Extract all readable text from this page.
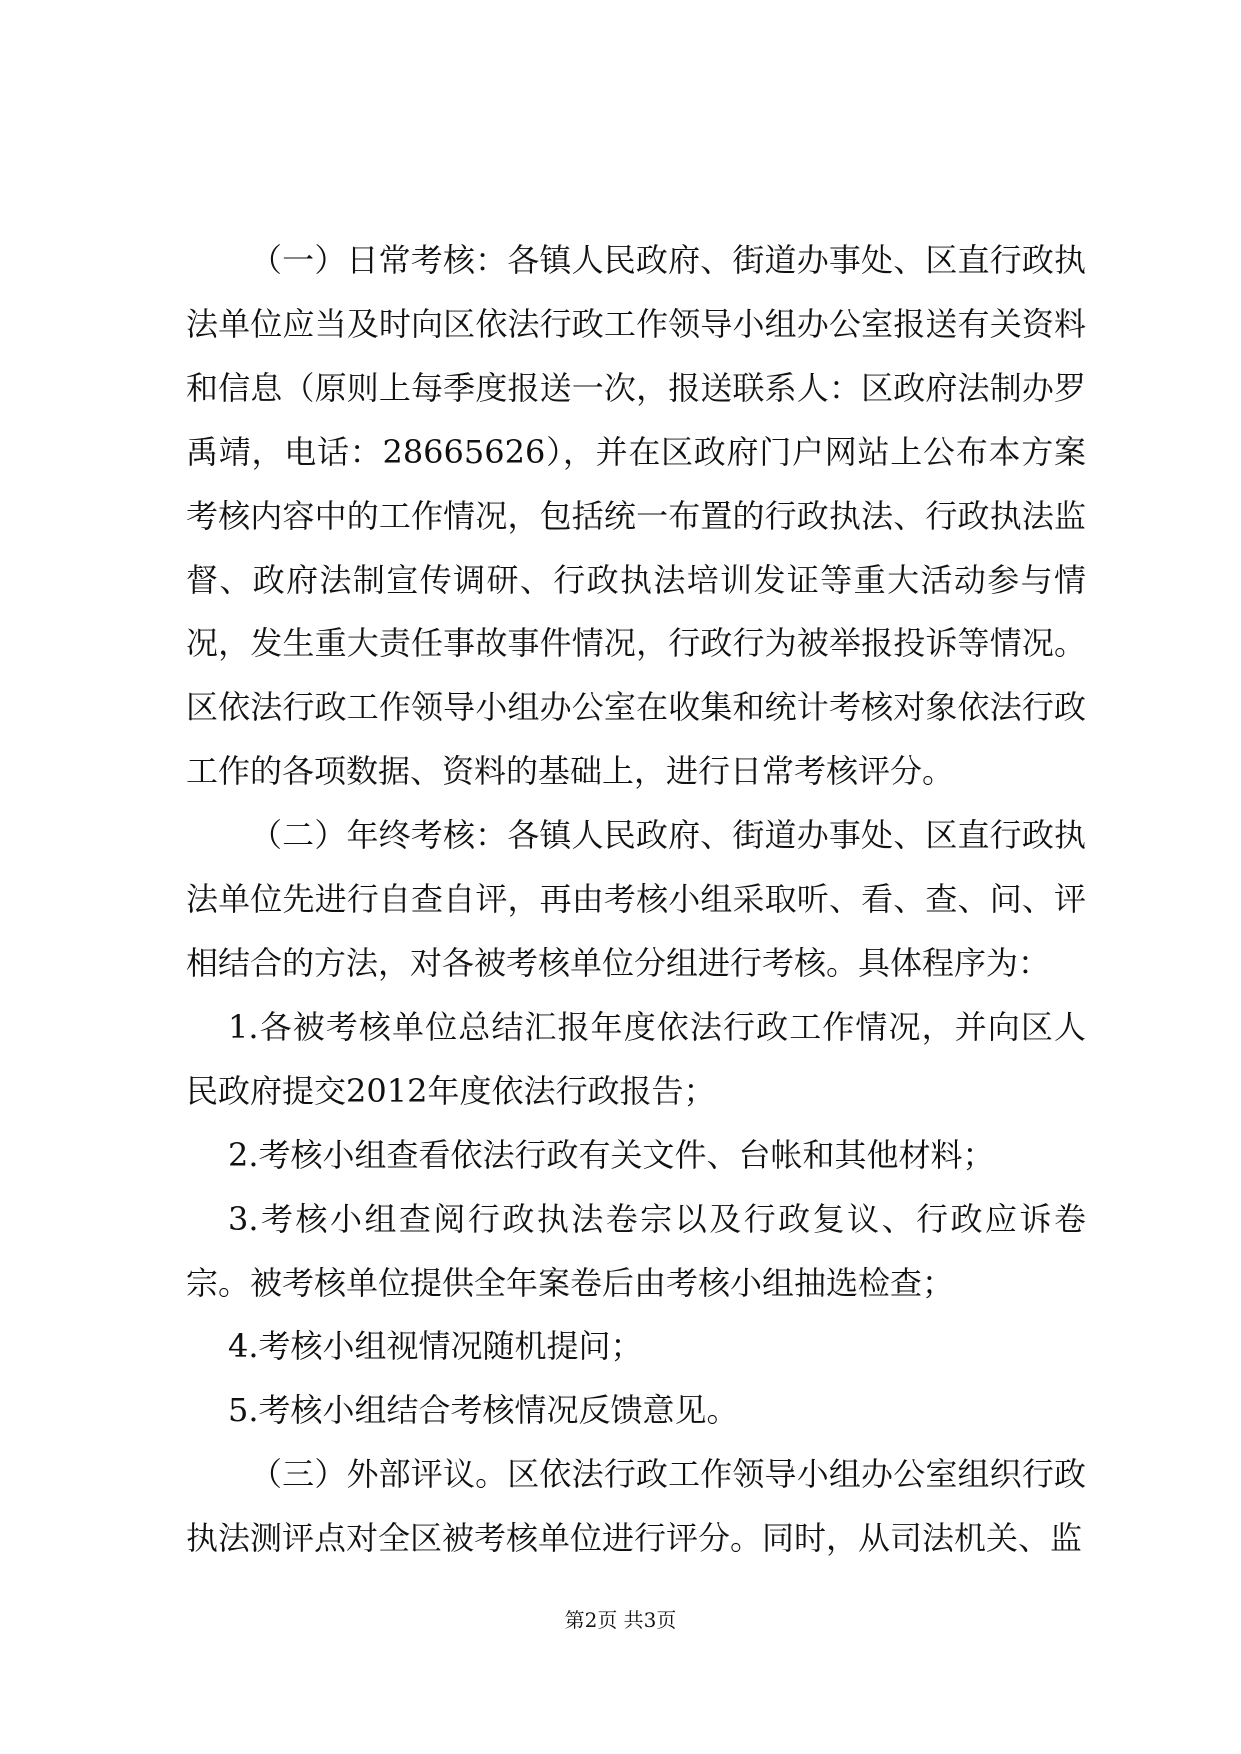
（一）日常考核：各镇人民政府、街道办事处、区直行政执法单位应当及时向区依法行政工作领导小组办公室报送有关资料和信息（原则上每季度报送一次，报送联系人：区政府法制办罗禹靖，电话：28665626），并在区政府门户网站上公布本方案考核内容中的工作情况，包括统一布置的行政执法、行政执法监督、政府法制宣传调研、行政执法培训发证等重大活动参与情况，发生重大责任事故事件情况，行政行为被举报投诉等情况。区依法行政工作领导小组办公室在收集和统计考核对象依法行政工作的各项数据、资料的基础上，进行日常考核评分。

（二）年终考核：各镇人民政府、街道办事处、区直行政执法单位先进行自查自评，再由考核小组采取听、看、查、问、评相结合的方法，对各被考核单位分组进行考核。具体程序为：

1.各被考核单位总结汇报年度依法行政工作情况，并向区人民政府提交2012年度依法行政报告；

2.考核小组查看依法行政有关文件、台帐和其他材料；

3.考核小组查阅行政执法卷宗以及行政复议、行政应诉卷宗。被考核单位提供全年案卷后由考核小组抽选检查；

4.考核小组视情况随机提问；

5.考核小组结合考核情况反馈意见。

（三）外部评议。区依法行政工作领导小组办公室组织行政执法测评点对全区被考核单位进行评分。同时，从司法机关、监

第2页 共3页
